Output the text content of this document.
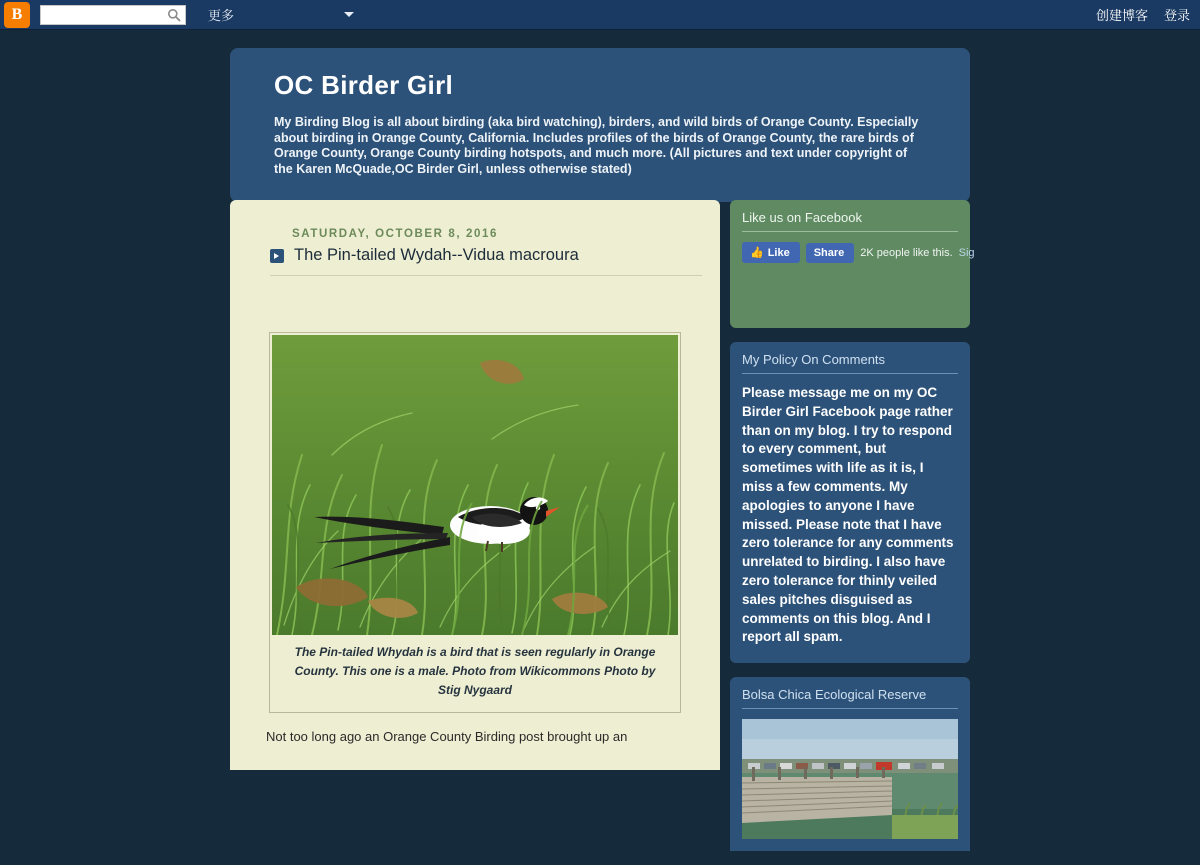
B	更多	创建博客 登录
OC Birder Girl
My Birding Blog is all about birding (aka bird watching), birders, and wild birds of Orange County. Especially about birding in Orange County, California. Includes profiles of the birds of Orange County, the rare birds of Orange County, Orange County birding hotspots, and much more. (All pictures and text under copyright of the Karen McQuade,OC Birder Girl, unless otherwise stated)
SATURDAY, OCTOBER 8, 2016
The Pin-tailed Wydah--Vidua macroura
The Pin-tailed Whydah is a bird that is seen regularly in Orange County. This one is a male. Photo from Wikicommons Photo by Stig Nygaard
Not too long ago an Orange County Birding post brought up an
Like us on Facebook
👍 Like Share 2K people like this. Sig
My Policy On Comments
Please message me on my OC Birder Girl Facebook page rather than on my blog. I try to respond to every comment, but sometimes with life as it is, I miss a few comments. My apologies to anyone I have missed. Please note that I have zero tolerance for any comments unrelated to birding. I also have zero tolerance for thinly veiled sales pitches disguised as comments on this blog. And I report all spam.
Bolsa Chica Ecological Reserve
